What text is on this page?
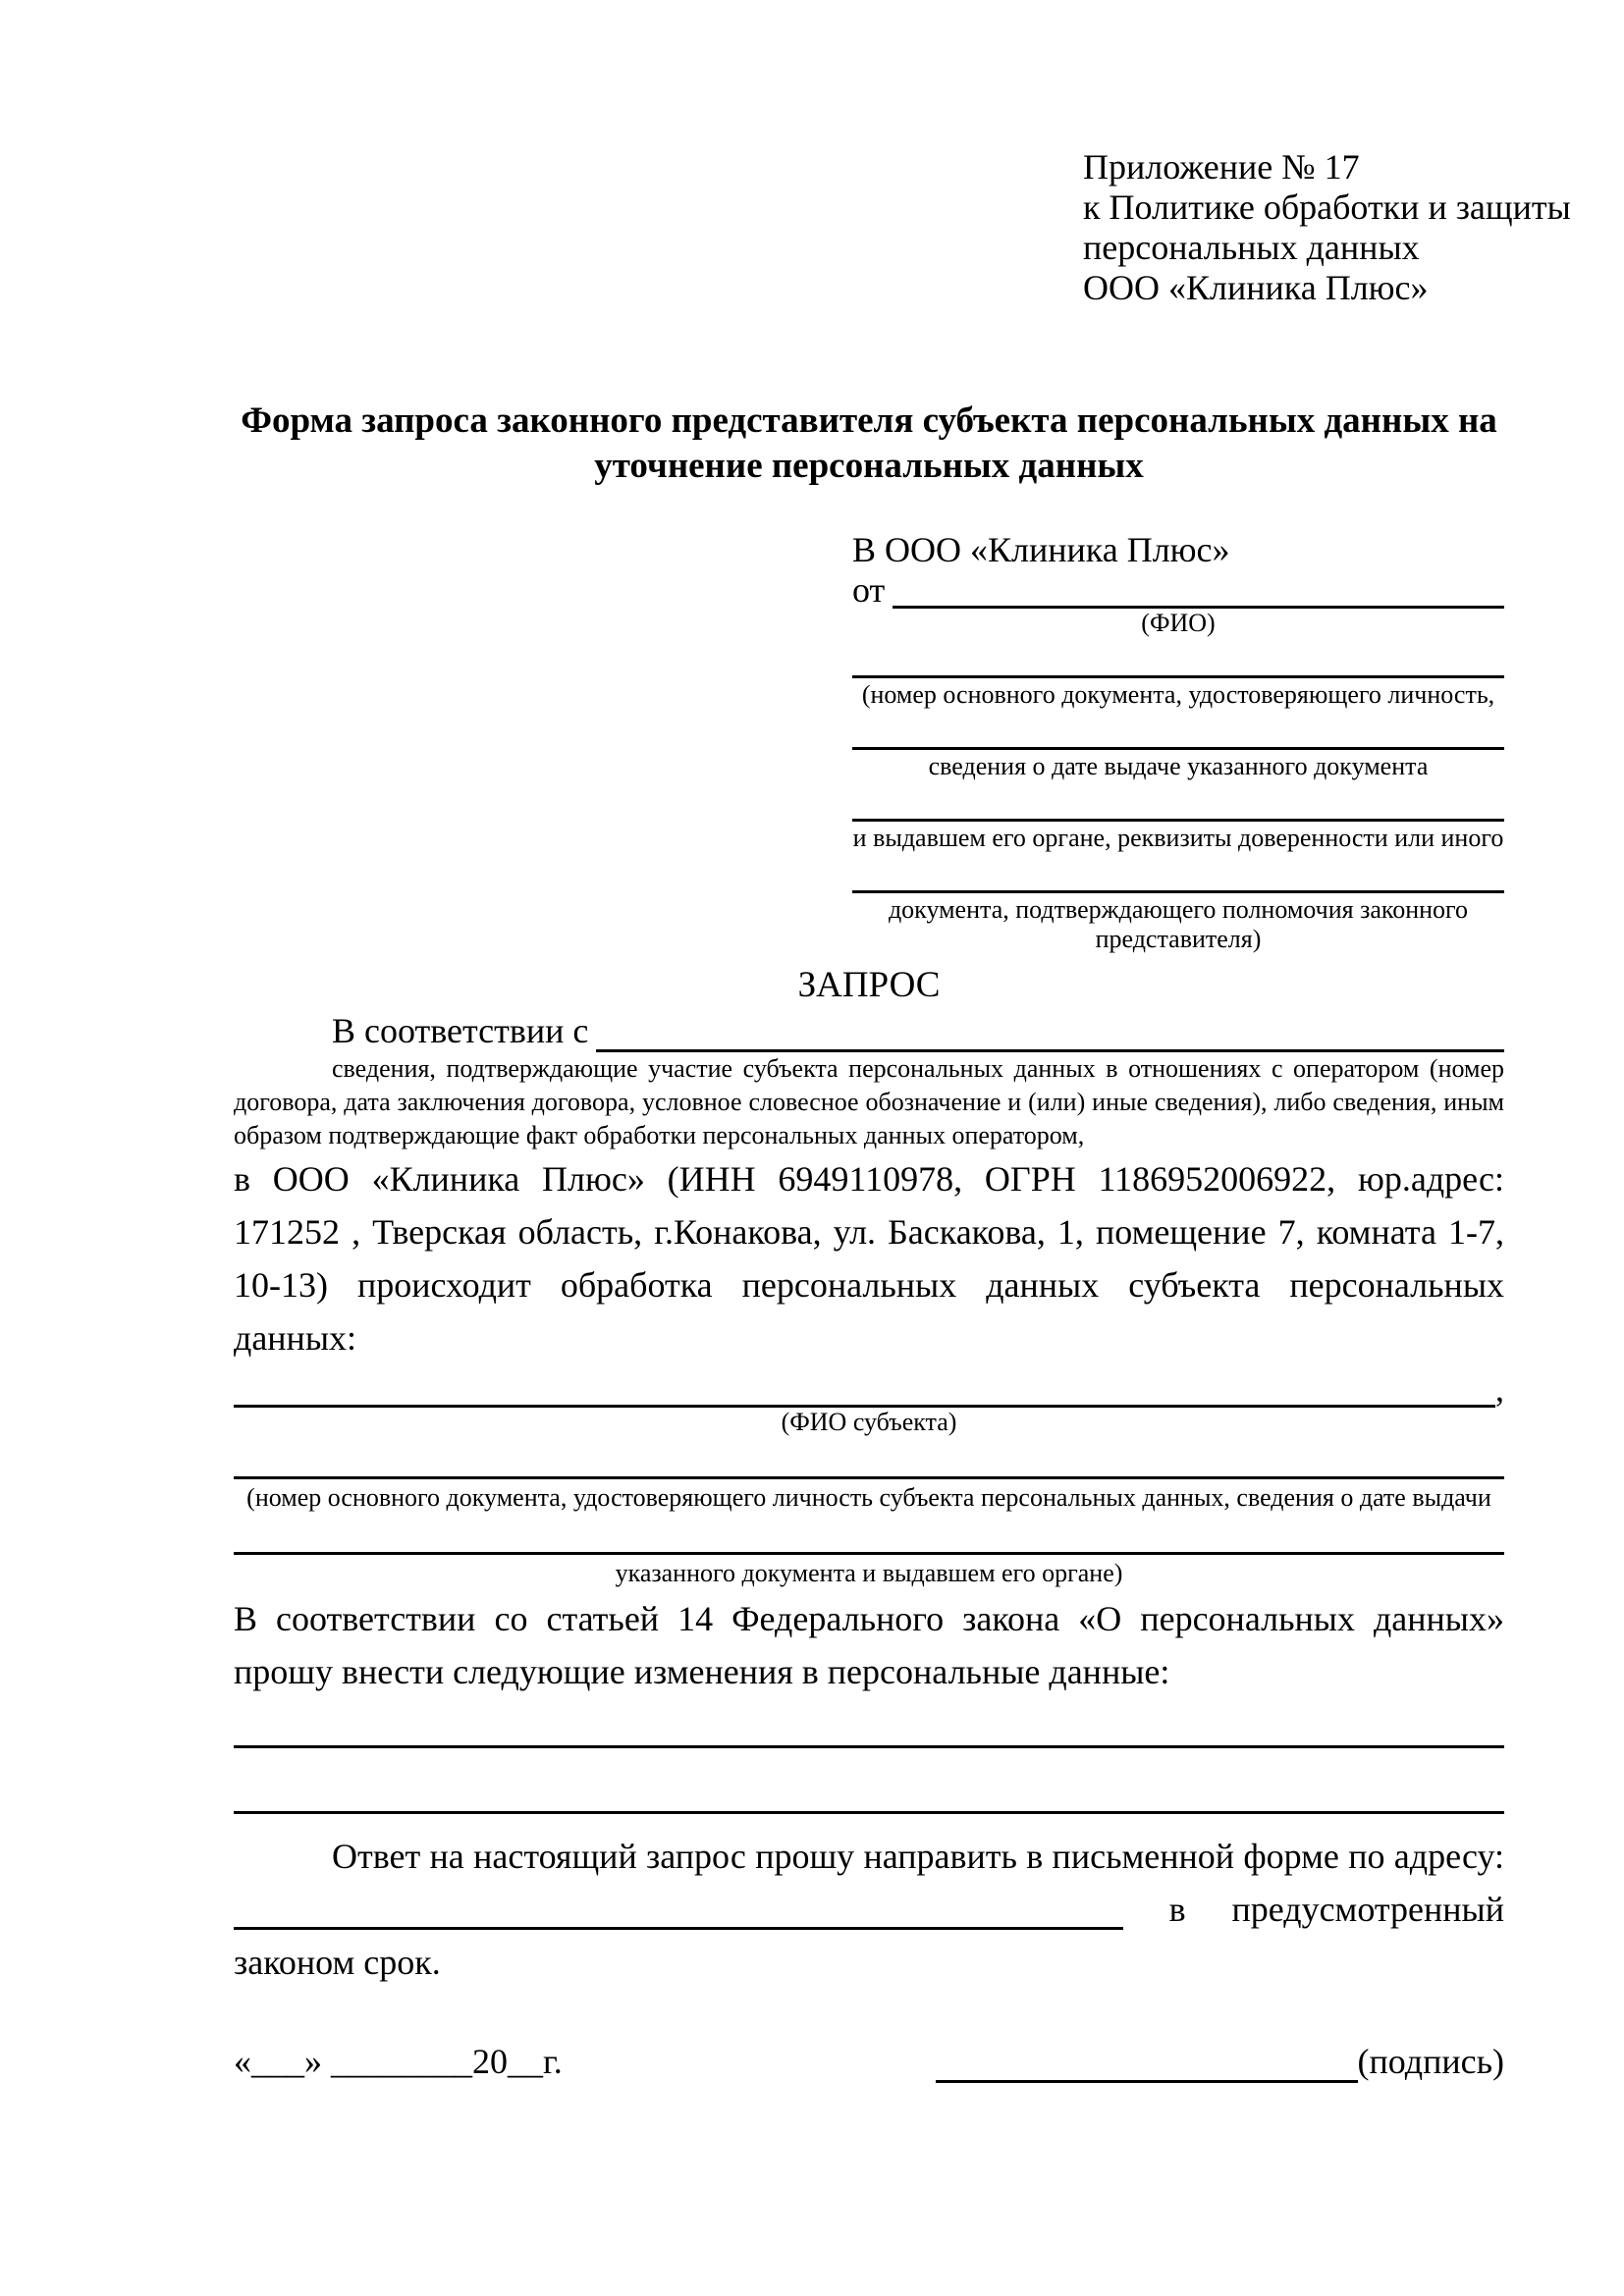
Приложение № 17
к Политике обработки и защиты
персональных данных
ООО «Клиника Плюс»
Форма запроса законного представителя субъекта персональных данных на уточнение персональных данных
В ООО «Клиника Плюс»
от
(ФИО)
(номер основного документа, удостоверяющего личность,
сведения о дате выдаче указанного документа
и выдавшем его органе, реквизиты доверенности или иного
документа, подтверждающего полномочия законного представителя)
ЗАПРОС
В соответствии с
сведения, подтверждающие участие субъекта персональных данных в отношениях с оператором (номер договора, дата заключения договора, условное словесное обозначение и (или) иные сведения), либо сведения, иным образом подтверждающие факт обработки персональных данных оператором,

в ООО «Клиника Плюс» (ИНН 6949110978, ОГРН 1186952006922, юр.адрес: 171252 , Тверская область, г.Конакова, ул. Баскакова, 1, помещение 7, комната 1-7, 10-13) происходит обработка персональных данных субъекта персональных данных:

,
(ФИО субъекта)
(номер основного документа, удостоверяющего личность субъекта персональных данных, сведения о дате выдачи
указанного документа и выдавшем его органе)

В соответствии со статьей 14 Федерального закона «О персональных данных» прошу внести следующие изменения в персональные данные:

Ответ на настоящий запрос прошу направить в письменной форме по адресу:
в предусмотренный
законом срок.
«___» ________20__г.	(подпись)
